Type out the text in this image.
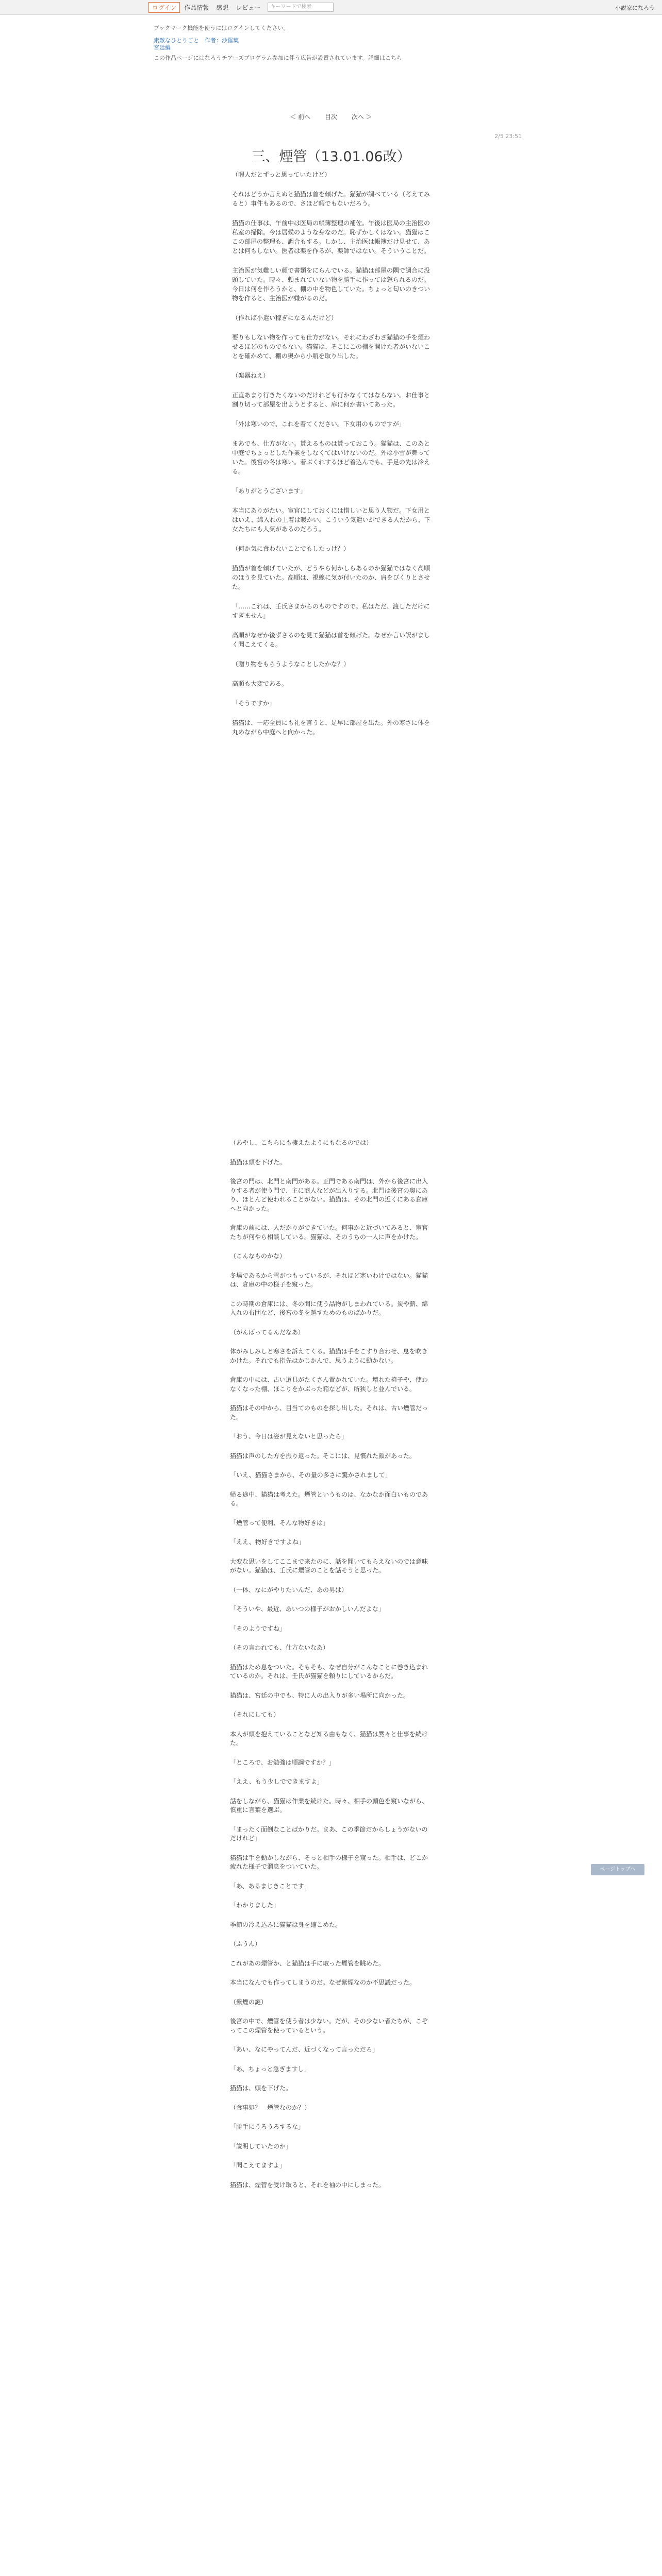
ログイン	作品情報 感想 レビュー	キーワードで検索	小説家になろう
ブックマーク機能を使うにはログインしてください。
素敵なひとりごと　作者：沙羅葉
宮廷編
この作品ページにはなろうチアーズプログラム参加に伴う広告が設置されています。詳細はこちら
＜ 前へ 目次 次へ ＞
2/5 23:51
三、煙管（13.01.06改）

（暇人だとずっと思っていたけど）

それはどうか言えぬと猫猫は首を傾げた。猫猫が調べている（考えてみると）事件もあるので、さほど暇でもないだろう。

猫猫の仕事は、午前中は医局の帳簿整理の補佐。午後は医局の主治医の私室の掃除。今は居候のような身なのだ。恥ずかしくはない。猫猫はここの部屋の整理も、調合もする。しかし、主治医は帳簿だけ見せて、あとは何もしない。医者は薬を作るが、薬師ではない。そういうことだ。

主治医が気難しい顔で書類をにらんでいる。猫猫は部屋の隅で調合に没頭していた。時々、頼まれていない物を勝手に作っては怒られるのだ。今日は何を作ろうかと、棚の中を物色していた。ちょっと匂いのきつい物を作ると、主治医が嫌がるのだ。

（作れば小遣い稼ぎになるんだけど）

要りもしない物を作っても仕方がない。それにわざわざ猫猫の手を煩わせるほどのものでもない。猫猫は、そこにこの棚を開けた者がいないことを確かめて、棚の奥から小瓶を取り出した。

（楽器ねえ）

正直あまり行きたくないのだけれども行かなくてはならない。お仕事と割り切って部屋を出ようとすると、扉に何か書いてあった。

「外は寒いので、これを着てください。下女用のものですが」

まあでも、仕方がない。貰えるものは貰っておこう。猫猫は、このあと中庭でちょっとした作業をしなくてはいけないのだ。外は小雪が舞っていた。後宮の冬は寒い。着ぶくれするほど着込んでも、手足の先は冷える。

「ありがとうございます」

本当にありがたい。宦官にしておくには惜しいと思う人物だ。下女用とはいえ、綿入れの上着は暖かい。こういう気遣いができる人だから、下女たちにも人気があるのだろう。

（何か気に食わないことでもしたっけ？）

猫猫が首を傾げていたが、どうやら何かしらあるのか猫猫ではなく高順のほうを見ていた。高順は、視線に気が付いたのか、肩をびくりとさせた。

「……これは、壬氏さまからのものですので。私はただ、渡しただけにすぎません」

高順がなぜか後ずさるのを見て猫猫は首を傾げた。なぜか言い訳がましく聞こえてくる。

（贈り物をもらうようなことしたかな？）

高順も大変である。

「そうですか」

猫猫は、一応全員にも礼を言うと、足早に部屋を出た。外の寒さに体を丸めながら中庭へと向かった。

（あやし、こちらにも棲えたようにもなるのでは）

猫猫は頭を下げた。

後宮の門は、北門と南門がある。正門である南門は、外から後宮に出入りする者が使う門で、主に商人などが出入りする。北門は後宮の奥にあり、ほとんど使われることがない。猫猫は、その北門の近くにある倉庫へと向かった。

倉庫の前には、人だかりができていた。何事かと近づいてみると、宦官たちが何やら相談している。猫猫は、そのうちの一人に声をかけた。

（こんなものかな）

冬場であるから雪がつもっているが、それほど寒いわけではない。猫猫は、倉庫の中の様子を窺った。

この時期の倉庫には、冬の間に使う品物がしまわれている。炭や薪、綿入れの布団など、後宮の冬を越すためのものばかりだ。

（がんばってるんだなあ）

体がみしみしと寒さを訴えてくる。猫猫は手をこすり合わせ、息を吹きかけた。それでも指先はかじかんで、思うように動かない。

倉庫の中には、古い道具がたくさん置かれていた。壊れた椅子や、使わなくなった棚、ほこりをかぶった箱などが、所狭しと並んでいる。

猫猫はその中から、目当てのものを探し出した。それは、古い煙管だった。

「おう、今日は姿が見えないと思ったら」

猫猫は声のした方を振り返った。そこには、見慣れた顔があった。

「いえ、猫猫さまから、その量の多さに驚かされまして」

帰る途中、猫猫は考えた。煙管というものは、なかなか面白いものである。

「煙管って便利、そんな物好きは」

「ええ、物好きですよね」

大変な思いをしてここまで来たのに、話を聞いてもらえないのでは意味がない。猫猫は、壬氏に煙管のことを話そうと思った。

（一体、なにがやりたいんだ、あの男は）

「そういや、最近、あいつの様子がおかしいんだよな」

「そのようですね」

（その言われても、仕方ないなあ）

猫猫はため息をついた。そもそも、なぜ自分がこんなことに巻き込まれているのか。それは、壬氏が猫猫を頼りにしているからだ。

猫猫は、宮廷の中でも、特に人の出入りが多い場所に向かった。

（それにしても）

本人が頭を抱えていることなど知る由もなく、猫猫は黙々と仕事を続けた。

「ところで、お勉強は順調ですか？」

「ええ、もう少しでできますよ」

話をしながら、猫猫は作業を続けた。時々、相手の顔色を窺いながら、慎重に言葉を選ぶ。

「まったく面倒なことばかりだ。まあ、この季節だからしょうがないのだけれど」

猫猫は手を動かしながら、そっと相手の様子を窺った。相手は、どこか疲れた様子で溜息をついていた。

「あ、あるまじきことです」

「わかりました」

季節の冷え込みに猫猫は身を縮こめた。

（ふうん）

これがあの煙管か、と猫猫は手に取った煙管を眺めた。

本当になんでも作ってしまうのだ。なぜ紫煙なのか不思議だった。

（紫煙の謎）

後宮の中で、煙管を使う者は少ない。だが、その少ない者たちが、こぞってこの煙管を使っているという。

「あい、なにやってんだ、近づくなって言っただろ」

「あ、ちょっと急ぎますし」

猫猫は、頭を下げた。

（食事処？　煙管なのか？）

「勝手にうろうろするな」

「説明していたのか」

「聞こえてますよ」

猫猫は、煙管を受け取ると、それを袖の中にしまった。

ページトップへ
